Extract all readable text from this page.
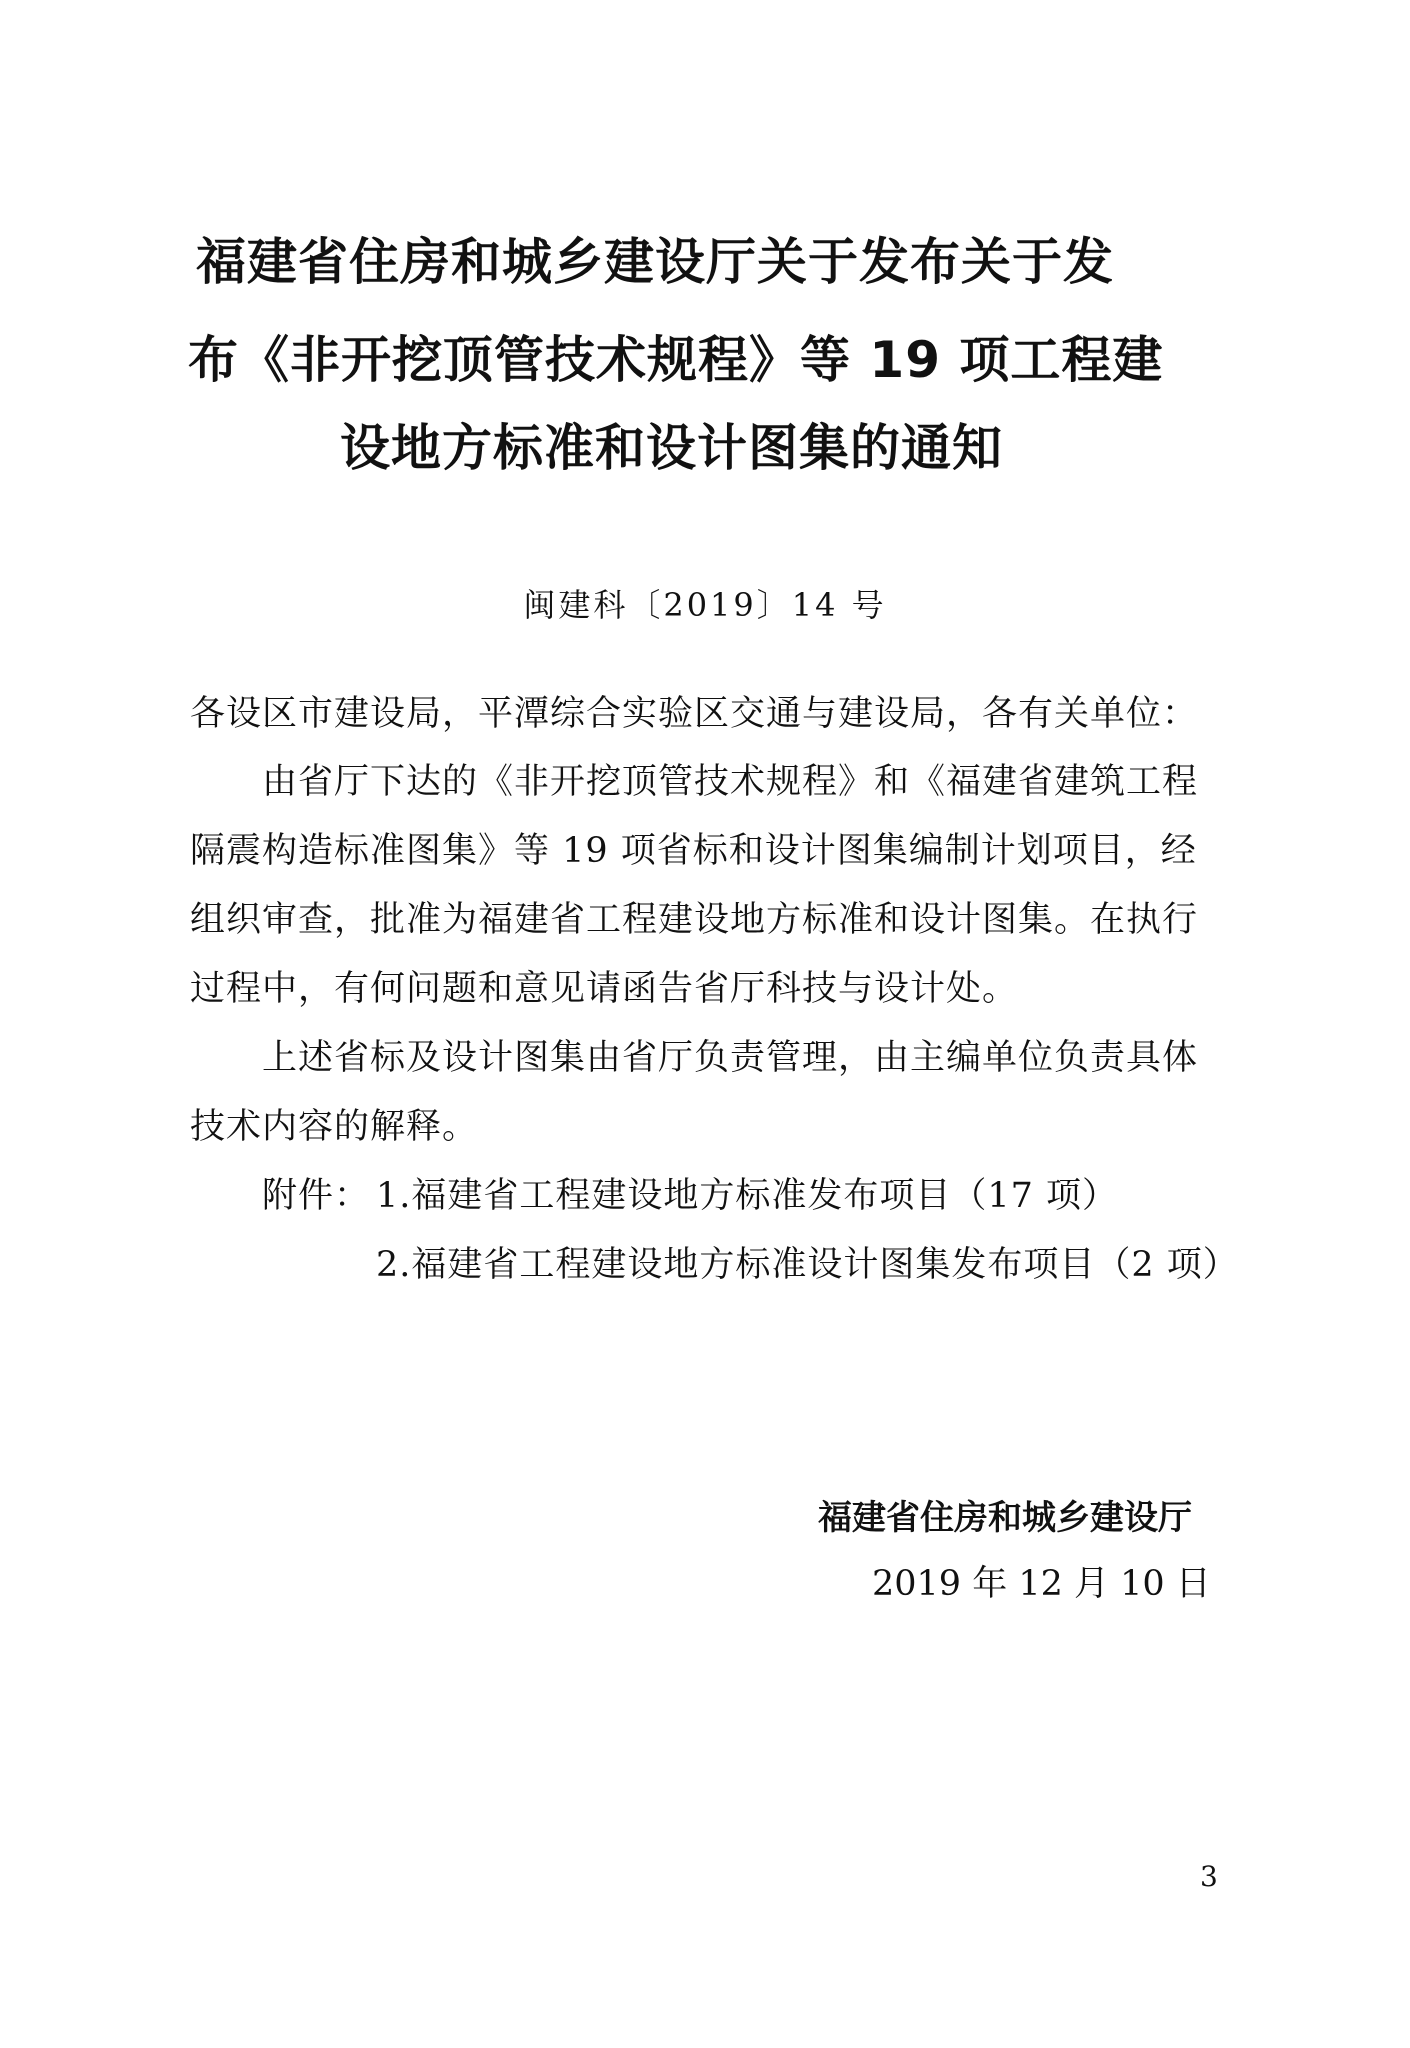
福建省住房和城乡建设厅关于发布关于发
布《非开挖顶管技术规程》等 19 项工程建
设地方标准和设计图集的通知
闽建科〔2019〕14 号
各设区市建设局，平潭综合实验区交通与建设局，各有关单位：
由省厅下达的《非开挖顶管技术规程》和《福建省建筑工程
隔震构造标准图集》等 19 项省标和设计图集编制计划项目，经
组织审查，批准为福建省工程建设地方标准和设计图集。在执行
过程中，有何问题和意见请函告省厅科技与设计处。
上述省标及设计图集由省厅负责管理，由主编单位负责具体
技术内容的解释。
附件： 1.福建省工程建设地方标准发布项目（17 项）
2.福建省工程建设地方标准设计图集发布项目（2 项）
福建省住房和城乡建设厅
2019 年 12 月 10 日
3
